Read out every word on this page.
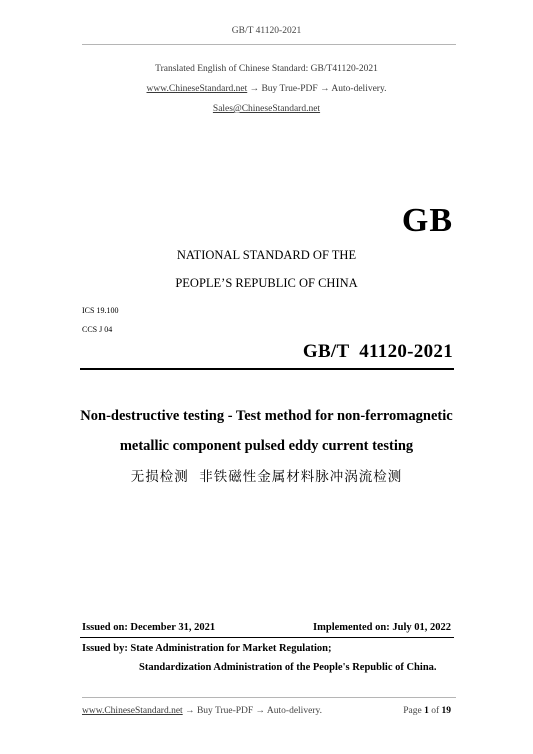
GB/T 41120-2021
Translated English of Chinese Standard: GB/T41120-2021
www.ChineseStandard.net → Buy True-PDF → Auto-delivery.
Sales@ChineseStandard.net
GB
NATIONAL STANDARD OF THE
PEOPLE’S REPUBLIC OF CHINA
ICS 19.100
CCS J 04
GB/T  41120-2021
Non-destructive testing - Test method for non-ferromagnetic
metallic component pulsed eddy current testing
无损检测  非铁磁性金属材料脉冲涡流检测
Issued on: December 31, 2021	Implemented on: July 01, 2022
Issued by: State Administration for Market Regulation;
Standardization Administration of the People's Republic of China.
www.ChineseStandard.net → Buy True-PDF → Auto-delivery.	Page 1 of 19
